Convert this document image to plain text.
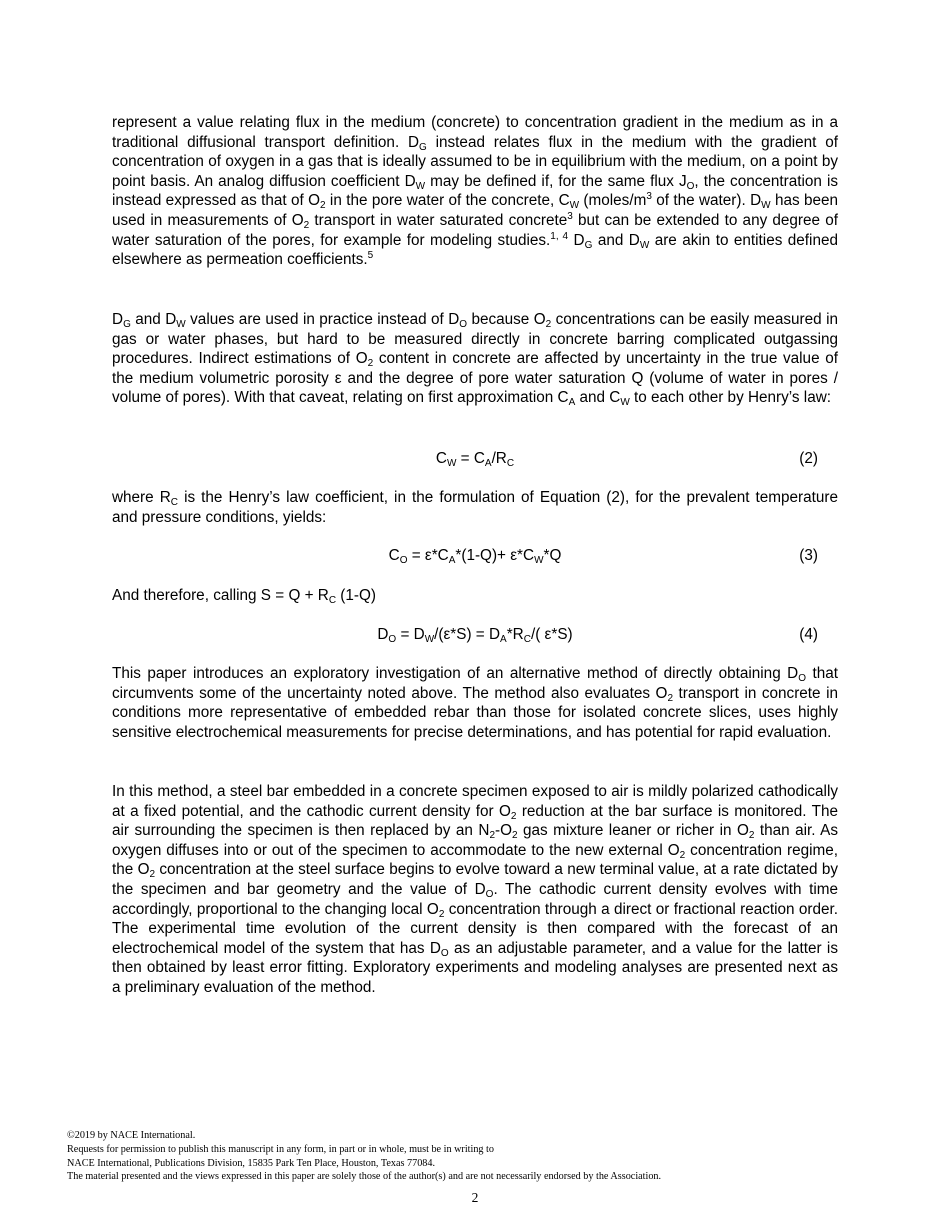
represent a value relating flux in the medium (concrete) to concentration gradient in the medium as in a traditional diffusional transport definition. $D_G$ instead relates flux in the medium with the gradient of concentration of oxygen in a gas that is ideally assumed to be in equilibrium with the medium, on a point by point basis. An analog diffusion coefficient $D_W$ may be defined if, for the same flux $J_O$, the concentration is instead expressed as that of $O_2$ in the pore water of the concrete, $C_W$ ($moles/m^3$ of the water). $D_W$ has been used in measurements of $O_2$ transport in water saturated concrete$^3$ but can be extended to any degree of water saturation of the pores, for example for modeling studies.$^{1, 4}$ $D_G$ and $D_W$ are akin to entities defined elsewhere as permeation coefficients.$^5$

$D_G$ and $D_W$ values are used in practice instead of $D_O$ because $O_2$ concentrations can be easily measured in gas or water phases, but hard to be measured directly in concrete barring complicated outgassing procedures. Indirect estimations of $O_2$ content in concrete are affected by uncertainty in the true value of the medium volumetric porosity ε and the degree of pore water saturation Q (volume of water in pores / volume of pores). With that caveat, relating on first approximation $C_A$ and $C_W$ to each other by Henry’s law:

$C_W = C_A/R_C$	(2)

where $R_C$ is the Henry’s law coefficient, in the formulation of Equation (2), for the prevalent temperature and pressure conditions, yields:

$C_O = \varepsilon*C_A*(1-Q)+ \varepsilon*C_W*Q$	(3)

And therefore, calling $S = Q + R_C$ (1-Q)

$D_O = D_W/(\varepsilon*S) = D_A*R_C/$( ε*S)	(4)

This paper introduces an exploratory investigation of an alternative method of directly obtaining $D_O$ that circumvents some of the uncertainty noted above. The method also evaluates $O_2$ transport in concrete in conditions more representative of embedded rebar than those for isolated concrete slices, uses highly sensitive electrochemical measurements for precise determinations, and has potential for rapid evaluation.

In this method, a steel bar embedded in a concrete specimen exposed to air is mildly polarized cathodically at a fixed potential, and the cathodic current density for $O_2$ reduction at the bar surface is monitored. The air surrounding the specimen is then replaced by an $N_2-O_2$ gas mixture leaner or richer in $O_2$ than air. As oxygen diffuses into or out of the specimen to accommodate to the new external $O_2$ concentration regime, the $O_2$ concentration at the steel surface begins to evolve toward a new terminal value, at a rate dictated by the specimen and bar geometry and the value of $D_O$. The cathodic current density evolves with time accordingly, proportional to the changing local $O_2$ concentration through a direct or fractional reaction order. The experimental time evolution of the current density is then compared with the forecast of an electrochemical model of the system that has $D_O$ as an adjustable parameter, and a value for the latter is then obtained by least error fitting. Exploratory experiments and modeling analyses are presented next as a preliminary evaluation of the method.

©2019 by NACE International.
Requests for permission to publish this manuscript in any form, in part or in whole, must be in writing to
NACE International, Publications Division, 15835 Park Ten Place, Houston, Texas 77084.
The material presented and the views expressed in this paper are solely those of the author(s) and are not necessarily endorsed by the Association.
2
